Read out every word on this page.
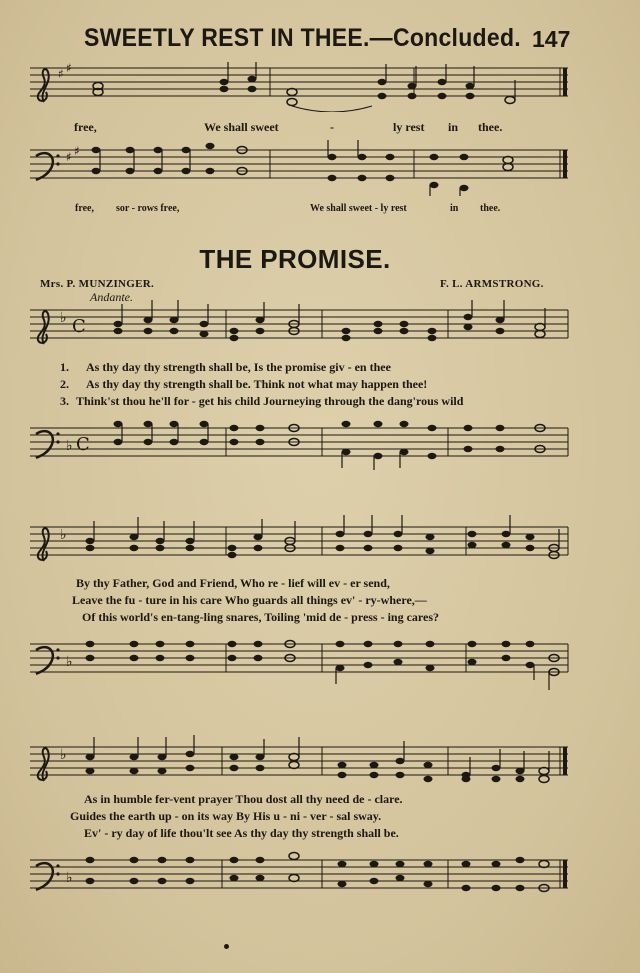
SWEETLY REST IN THEE.—Concluded. 147
♯ ♯
free,	We shall sweet	-	ly rest in thee.
♯ ♯
free, sor - rows free,	We shall sweet - ly rest	in thee.
THE PROMISE.
Mrs. P. MUNZINGER.	F. L. ARMSTRONG.
Andante.
♭ C
1. As thy day thy strength shall be, Is the promise giv - en thee
2. As thy day thy strength shall be. Think not what may happen thee!
3. Think'st thou he'll for - get his child Journeying through the dang'rous wild
♭ C
♭
By thy Father, God and Friend, Who re - lief will ev - er send,
Leave the fu - ture in his care Who guards all things ev' - ry-where,—
Of this world's en-tang-ling snares, Toiling 'mid de - press - ing cares?
♭
♭
As in humble fer-vent prayer Thou dost all thy need de - clare.
Guides the earth up - on its way By His u - ni - ver - sal sway.
Ev' - ry day of life thou'lt see As thy day thy strength shall be.
♭
